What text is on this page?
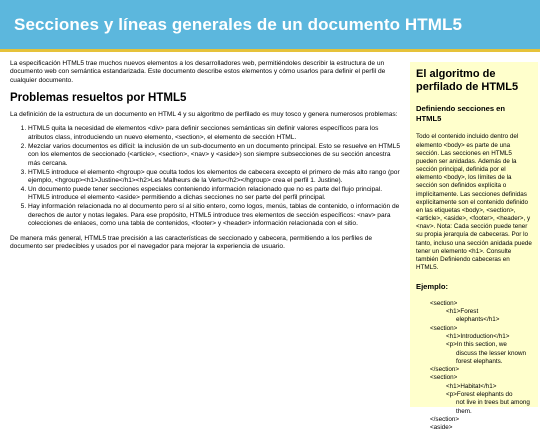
Secciones y líneas generales de un documento HTML5

La especificación HTML5 trae muchos nuevos elementos a los desarrolladores web, permitiéndoles describir la estructura de un documento web con semántica estandarizada. Este documento describe estos elementos y cómo usarlos para definir el perfil de cualquier documento.

Problemas resueltos por HTML5

La definición de la estructura de un documento en HTML 4 y su algoritmo de perfilado es muy tosco y genera numerosos problemas:

1. HTML5 quita la necesidad de elementos <div> para definir secciones semánticas sin definir valores específicos para los atributos class, introduciendo un nuevo elemento, <section>, el elemento de sección HTML.
2. Mezclar varios documentos es difícil: la inclusión de un sub-documento en un documento principal. Esto se resuelve en HTML5 con los elementos de seccionado (<article>, <section>, <nav> y <aside>) son siempre subsecciones de su sección ancestra más cercana.
3. HTML5 introduce el elemento <hgroup> que oculta todos los elementos de cabecera excepto el primero de más alto rango (por ejemplo, <hgroup><h1>Justine</h1><h2>Les Malheurs de la Vertu</h2></hgroup> crea el perfil 1. Justine).
4. Un documento puede tener secciones especiales conteniendo información relacionado que no es parte del flujo principal. HTML5 introduce el elemento <aside> permitiendo a dichas secciones no ser parte del perfil principal.
5. Hay información relacionada no al documento pero sí al sitio entero, como logos, menús, tablas de contenido, o información de derechos de autor y notas legales. Para ese propósito, HTML5 introduce tres elementos de sección específicos: <nav> para colecciones de enlaces, como una tabla de contenidos, <footer> y <header> información relacionada con el sitio.

De manera más general, HTML5 trae precisión a las características de seccionado y cabecera, permitiendo a los perfiles de documento ser predecibles y usados por el navegador para mejorar la experiencia de usuario.

El algoritmo de perfilado de HTML5
Definiendo secciones en HTML5

Todo el contenido incluido dentro del elemento <body> es parte de una sección. Las secciones en HTML5 pueden ser anidadas. Además de la sección principal, definida por el elemento <body>, los límites de la sección son definidos explícita o implícitamente. Las secciones definidas explícitamente son el contenido definido en las etiquetas <body>, <section>, <article>, <aside>, <footer>, <header>, y <nav>. Nota: Cada sección puede tener su propia jerarquía de cabeceras. Por lo tanto, incluso una sección anidada puede tener un elemento <h1>. Consulte también Definiendo cabeceras en HTML5.

Ejemplo:
<section>
<h1>Forest
elephants</h1>
<section>
<h1>Introduction</h1>
<p>In this section, we
discuss the lesser known
forest elephants.
</section>
<section>
<h1>Habitat</h1>
<p>Forest elephants do
not live in trees but among
them.
</section>
<aside>
